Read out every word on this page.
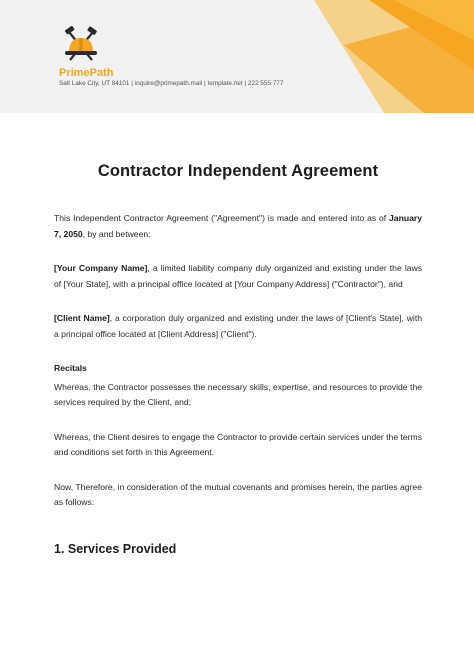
PrimePath
Salt Lake City, UT 84101 | inquire@primepath.mail | template.net | 222 555 777
Contractor Independent Agreement

This Independent Contractor Agreement ("Agreement") is made and entered into as of January 7, 2050, by and between:

[Your Company Name], a limited liability company duly organized and existing under the laws of [Your State], with a principal office located at [Your Company Address] ("Contractor"), and

[Client Name], a corporation duly organized and existing under the laws of [Client's State], with a principal office located at [Client Address] ("Client").

Recitals

Whereas, the Contractor possesses the necessary skills, expertise, and resources to provide the services required by the Client, and;

Whereas, the Client desires to engage the Contractor to provide certain services under the terms and conditions set forth in this Agreement.

Now, Therefore, in consideration of the mutual covenants and promises herein, the parties agree as follows:

1. Services Provided
